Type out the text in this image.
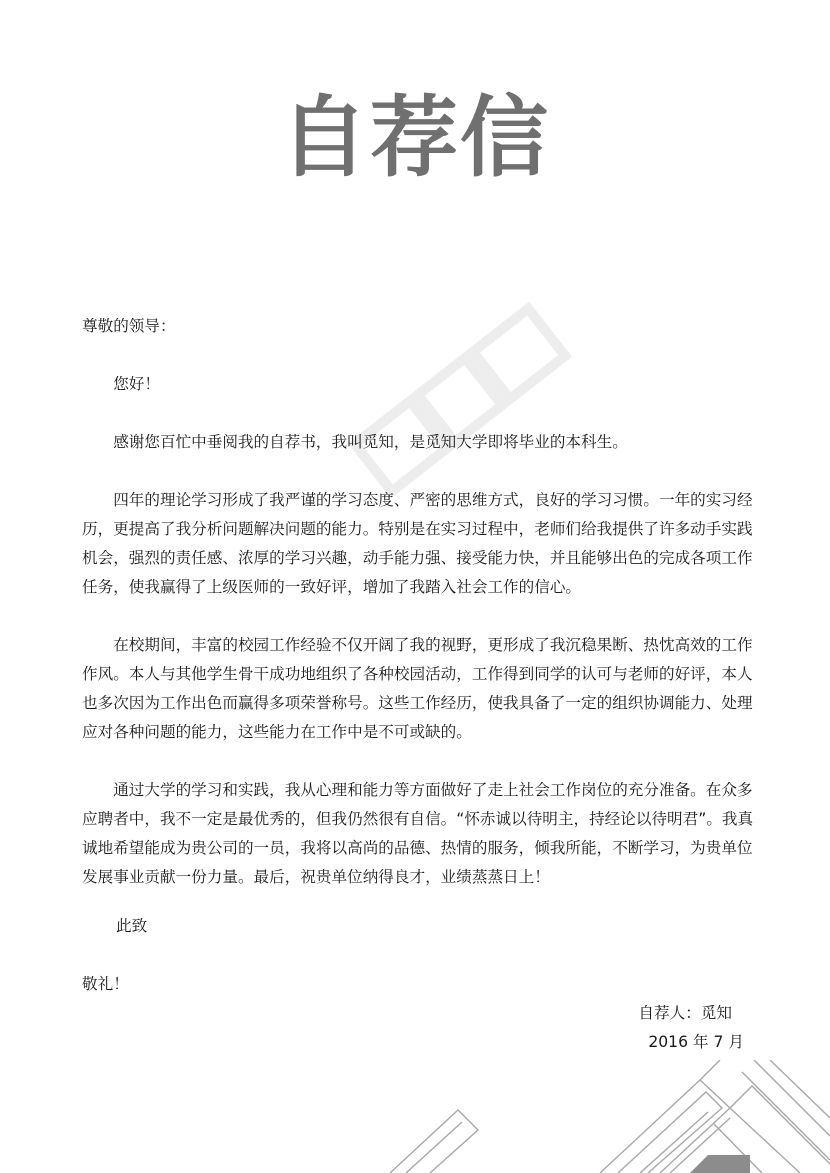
自荐信

尊敬的领导：

您好！

感谢您百忙中垂阅我的自荐书，我叫觅知，是觅知大学即将毕业的本科生。

四年的理论学习形成了我严谨的学习态度、严密的思维方式，良好的学习习惯。一年的实习经历，更提高了我分析问题解决问题的能力。特别是在实习过程中，老师们给我提供了许多动手实践机会，强烈的责任感、浓厚的学习兴趣，动手能力强、接受能力快，并且能够出色的完成各项工作任务，使我赢得了上级医师的一致好评，增加了我踏入社会工作的信心。

在校期间，丰富的校园工作经验不仅开阔了我的视野，更形成了我沉稳果断、热忱高效的工作作风。本人与其他学生骨干成功地组织了各种校园活动，工作得到同学的认可与老师的好评，本人也多次因为工作出色而赢得多项荣誉称号。这些工作经历，使我具备了一定的组织协调能力、处理应对各种问题的能力，这些能力在工作中是不可或缺的。

通过大学的学习和实践，我从心理和能力等方面做好了走上社会工作岗位的充分准备。在众多应聘者中，我不一定是最优秀的，但我仍然很有自信。“怀赤诚以待明主，持经论以待明君”。我真诚地希望能成为贵公司的一员，我将以高尚的品德、热情的服务，倾我所能，不断学习，为贵单位发展事业贡献一份力量。最后，祝贵单位纳得良才，业绩蒸蒸日上！

此致
敬礼！
自荐人：觅知
2016 年 7 月
